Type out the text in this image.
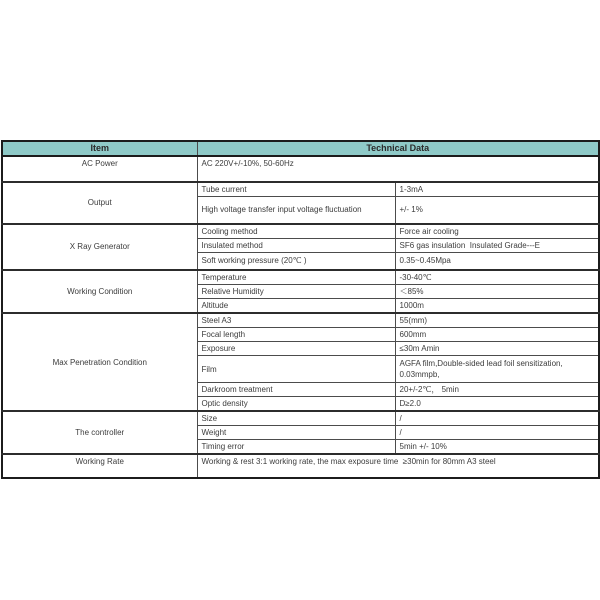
Item	Technical Data	
AC Power	AC 220V+/-10%, 50-60Hz	
Output	Tube current	1-3mA
	High voltage transfer input voltage fluctuation	+/- 1%
X Ray Generator	Cooling method	Force air cooling
	Insulated method	SF6 gas insulation  Insulated Grade---E
	Soft working pressure (20℃ )	0.35~0.45Mpa
Working Condition	Temperature	-30-40℃
	Relative Humidity	＜85%
	Altitude	1000m
Max Penetration Condition	Steel A3	55(mm)
	Focal length	600mm
	Exposure	≤30m Amin
	Film	AGFA film,Double-sided lead foil sensitization, 0.03mmpb,
	Darkroom treatment	20+/-2℃， 5min
	Optic density	D≥2.0
The controller	Size	/
	Weight	/
	Timing error	5min +/- 10%
Working Rate	Working & rest 3:1 working rate, the max exposure time  ≥30min for 80mm A3 steel	
